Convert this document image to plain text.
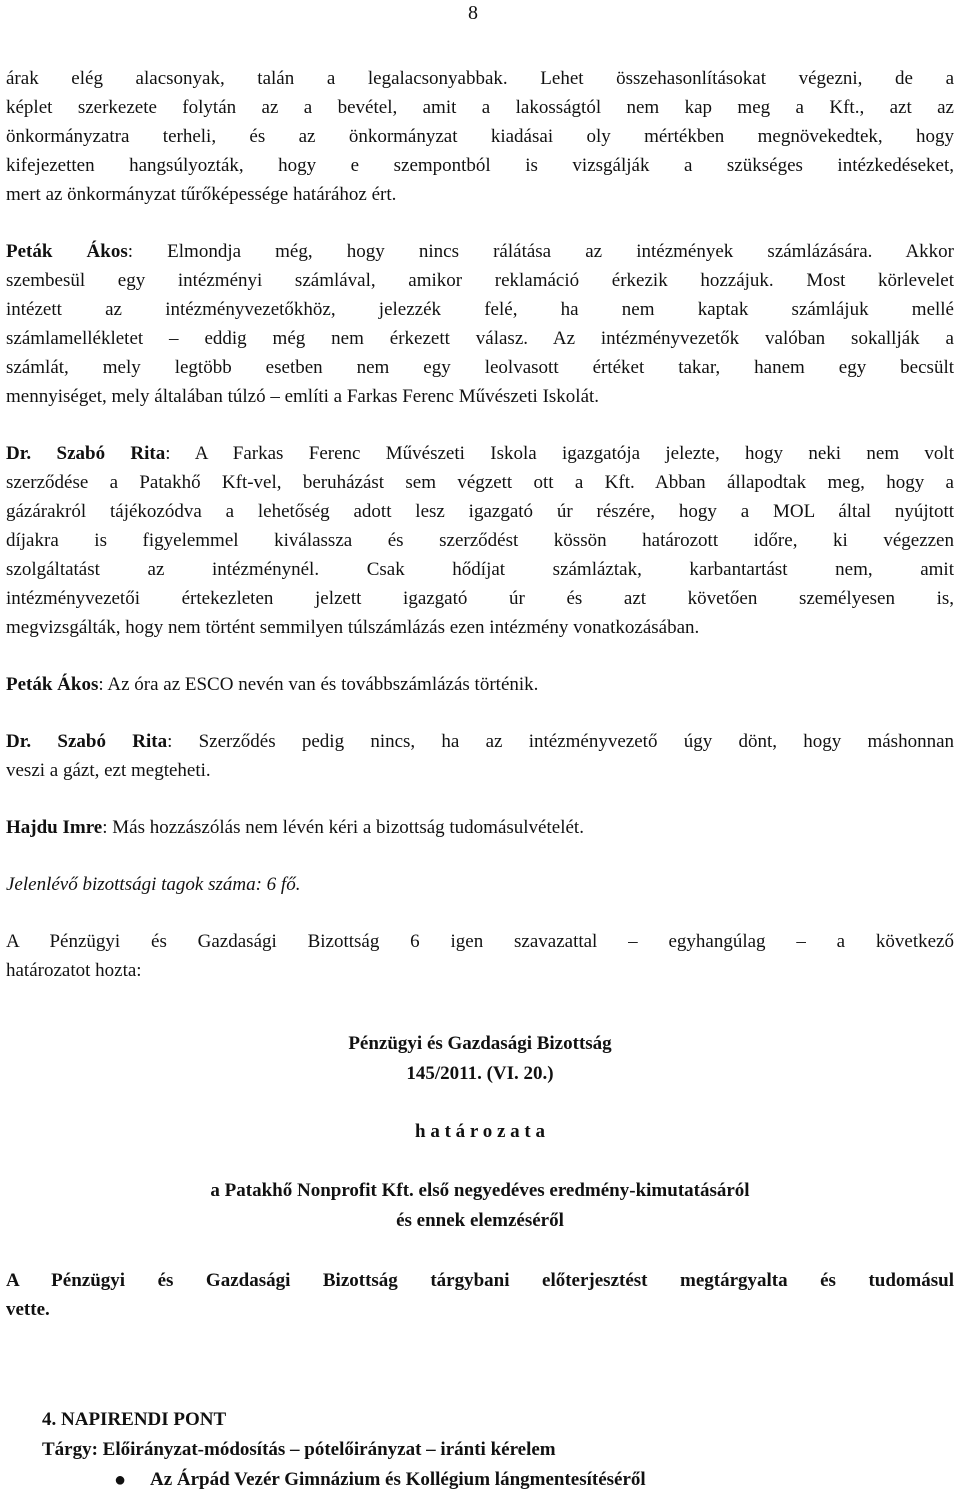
8

árak elég alacsonyak, talán a legalacsonyabbak. Lehet összehasonlításokat végezni, de a

képlet szerkezete folytán az a bevétel, amit a lakosságtól nem kap meg a Kft., azt az

önkormányzatra terheli, és az önkormányzat kiadásai oly mértékben megnövekedtek, hogy

kifejezetten hangsúlyozták, hogy e szempontból is vizsgálják a szükséges intézkedéseket,

mert az önkormányzat tűrőképessége határához ért.

Peták Ákos: Elmondja még, hogy nincs rálátása az intézmények számlázására. Akkor

szembesül egy intézményi számlával, amikor reklamáció érkezik hozzájuk. Most körlevelet

intézett az intézményvezetőkhöz, jelezzék felé, ha nem kaptak számlájuk mellé

számlamellékletet – eddig még nem érkezett válasz. Az intézményvezetők valóban sokallják a

számlát, mely legtöbb esetben nem egy leolvasott értéket takar, hanem egy becsült

mennyiséget, mely általában túlzó – említi a Farkas Ferenc Művészeti Iskolát.

Dr. Szabó Rita: A Farkas Ferenc Művészeti Iskola igazgatója jelezte, hogy neki nem volt

szerződése a Patakhő Kft-vel, beruházást sem végzett ott a Kft. Abban állapodtak meg, hogy a

gázárakról tájékozódva a lehetőség adott lesz igazgató úr részére, hogy a MOL által nyújtott

díjakra is figyelemmel kiválassza és szerződést kössön határozott időre, ki végezzen

szolgáltatást az intézménynél. Csak hődíjat számláztak, karbantartást nem, amit

intézményvezetői értekezleten jelzett igazgató úr és azt követően személyesen is,

megvizsgálták, hogy nem történt semmilyen túlszámlázás ezen intézmény vonatkozásában.

Peták Ákos: Az óra az ESCO nevén van és továbbszámlázás történik.

Dr. Szabó Rita: Szerződés pedig nincs, ha az intézményvezető úgy dönt, hogy máshonnan

veszi a gázt, ezt megteheti.

Hajdu Imre: Más hozzászólás nem lévén kéri a bizottság tudomásulvételét.

Jelenlévő bizottsági tagok száma: 6 fő.

A Pénzügyi és Gazdasági Bizottság 6 igen szavazattal – egyhangúlag – a következő

határozatot hozta:

Pénzügyi és Gazdasági Bizottság
145/2011. (VI. 20.)
h a t á r o z a t a
a Patakhő Nonprofit Kft. első negyedéves eredmény-kimutatásáról
és ennek elemzéséről

A Pénzügyi és Gazdasági Bizottság tárgybani előterjesztést megtárgyalta és tudomásul

vette.

4. NAPIRENDI PONT
Tárgy: Előirányzat-módosítás – pótelőirányzat – iránti kérelem
●	Az Árpád Vezér Gimnázium és Kollégium lángmentesítéséről
